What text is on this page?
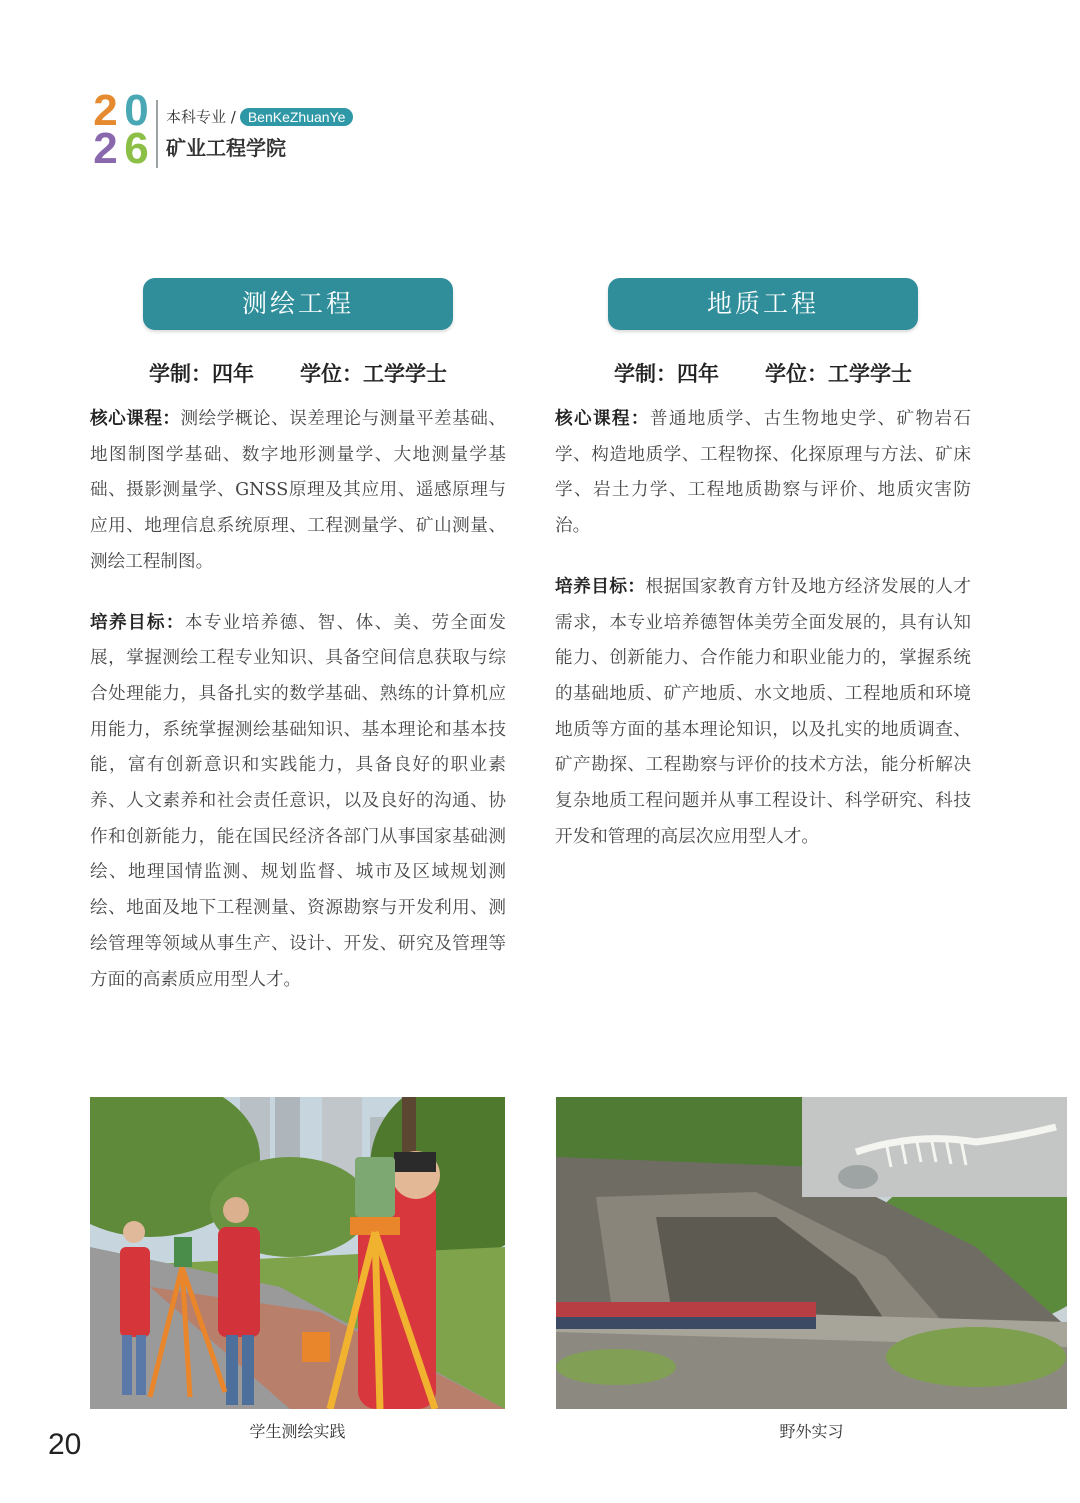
2 0
2 6
本科专业 / BenKeZhuanYe
矿业工程学院
测绘工程
学制：四年 学位：工学学士

核心课程：测绘学概论、误差理论与测量平差基础、地图制图学基础、数字地形测量学、大地测量学基础、摄影测量学、GNSS原理及其应用、遥感原理与应用、地理信息系统原理、工程测量学、矿山测量、测绘工程制图。

培养目标：本专业培养德、智、体、美、劳全面发展，掌握测绘工程专业知识、具备空间信息获取与综合处理能力，具备扎实的数学基础、熟练的计算机应用能力，系统掌握测绘基础知识、基本理论和基本技能，富有创新意识和实践能力，具备良好的职业素养、人文素养和社会责任意识，以及良好的沟通、协作和创新能力，能在国民经济各部门从事国家基础测绘、地理国情监测、规划监督、城市及区域规划测绘、地面及地下工程测量、资源勘察与开发利用、测绘管理等领域从事生产、设计、开发、研究及管理等方面的高素质应用型人才。

地质工程
学制：四年 学位：工学学士

核心课程：普通地质学、古生物地史学、矿物岩石学、构造地质学、工程物探、化探原理与方法、矿床学、岩土力学、工程地质勘察与评价、地质灾害防治。

培养目标：根据国家教育方针及地方经济发展的人才需求，本专业培养德智体美劳全面发展的，具有认知能力、创新能力、合作能力和职业能力的，掌握系统的基础地质、矿产地质、水文地质、工程地质和环境地质等方面的基本理论知识，以及扎实的地质调查、矿产勘探、工程勘察与评价的技术方法，能分析解决复杂地质工程问题并从事工程设计、科学研究、科技开发和管理的高层次应用型人才。

学生测绘实践	野外实习
20
